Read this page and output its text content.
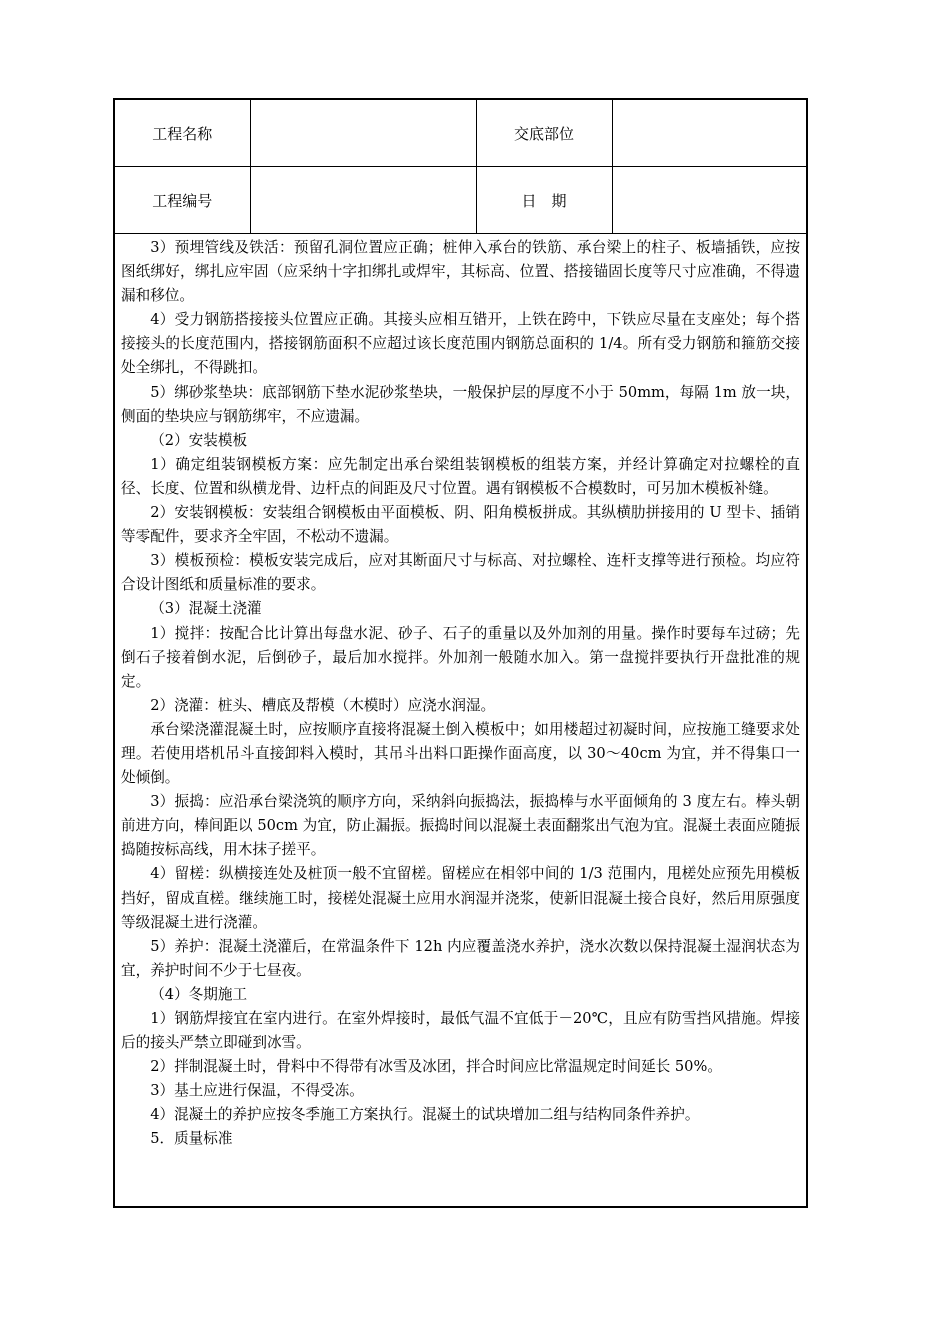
工程名称		交底部位	
工程编号		日　期	

3）预埋管线及铁活：预留孔洞位置应正确；桩伸入承台的铁筋、承台梁上的柱子、板墙插铁，应按图纸绑好，绑扎应牢固（应采纳十字扣绑扎或焊牢，其标高、位置、搭接锚固长度等尺寸应准确，不得遗漏和移位。

4）受力钢筋搭接接头位置应正确。其接头应相互错开，上铁在跨中，下铁应尽量在支座处；每个搭接接头的长度范围内，搭接钢筋面积不应超过该长度范围内钢筋总面积的 1/4。所有受力钢筋和箍筋交接处全绑扎，不得跳扣。

5）绑砂浆垫块：底部钢筋下垫水泥砂浆垫块，一般保护层的厚度不小于 50mm，每隔 1m 放一块，侧面的垫块应与钢筋绑牢，不应遗漏。

（2）安装模板

1）确定组装钢模板方案：应先制定出承台梁组装钢模板的组装方案，并经计算确定对拉螺栓的直径、长度、位置和纵横龙骨、边杆点的间距及尺寸位置。遇有钢模板不合模数时，可另加木模板补缝。

2）安装钢模板：安装组合钢模板由平面模板、阴、阳角模板拼成。其纵横肋拼接用的 U 型卡、插销等零配件，要求齐全牢固，不松动不遗漏。

3）模板预检：模板安装完成后，应对其断面尺寸与标高、对拉螺栓、连杆支撑等进行预检。均应符合设计图纸和质量标准的要求。

（3）混凝土浇灌

1）搅拌：按配合比计算出每盘水泥、砂子、石子的重量以及外加剂的用量。操作时要每车过磅；先倒石子接着倒水泥，后倒砂子，最后加水搅拌。外加剂一般随水加入。第一盘搅拌要执行开盘批准的规定。

2）浇灌：桩头、槽底及帮模（木模时）应浇水润湿。

承台梁浇灌混凝土时，应按顺序直接将混凝土倒入模板中；如用楼超过初凝时间，应按施工缝要求处理。若使用塔机吊斗直接卸料入模时，其吊斗出料口距操作面高度，以 30～40cm 为宜，并不得集口一处倾倒。

3）振捣：应沿承台梁浇筑的顺序方向，采纳斜向振捣法，振捣棒与水平面倾角的 3 度左右。棒头朝前进方向，棒间距以 50cm 为宜，防止漏振。振捣时间以混凝土表面翻浆出气泡为宜。混凝土表面应随振捣随按标高线，用木抹子搓平。

4）留槎：纵横接连处及桩顶一般不宜留槎。留槎应在相邻中间的 1/3 范围内，甩槎处应预先用模板挡好，留成直槎。继续施工时，接槎处混凝土应用水润湿并浇浆，使新旧混凝土接合良好，然后用原强度等级混凝土进行浇灌。

5）养护：混凝土浇灌后，在常温条件下 12h 内应覆盖浇水养护，浇水次数以保持混凝土湿润状态为宜，养护时间不少于七昼夜。

（4）冬期施工

1）钢筋焊接宜在室内进行。在室外焊接时，最低气温不宜低于－20℃，且应有防雪挡风措施。焊接后的接头严禁立即碰到冰雪。

2）拌制混凝土时，骨料中不得带有冰雪及冰团，拌合时间应比常温规定时间延长 50%。

3）基土应进行保温，不得受冻。

4）混凝土的养护应按冬季施工方案执行。混凝土的试块增加二组与结构同条件养护。

5．质量标准
